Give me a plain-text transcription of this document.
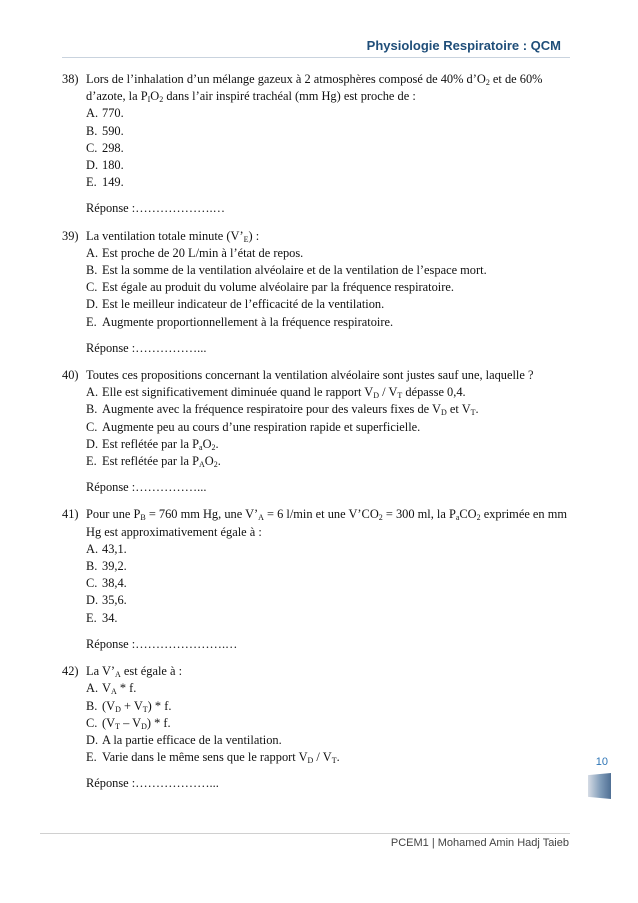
Physiologie Respiratoire : QCM
38) Lors de l’inhalation d’un mélange gazeux à 2 atmosphères composé de 40% $d’O_2$ et de 60% d’azote, la $P_IO_2$ dans l’air inspiré trachéal (mm Hg) est proche de :
A. 770.
B. 590.
C. 298.
D. 180.
E. 149.
Réponse :……………….…
39) La ventilation totale minute $(V’_E)$ :
A. Est proche de 20 L/min à l’état de repos.
B. Est la somme de la ventilation alvéolaire et de la ventilation de l’espace mort.
C. Est égale au produit du volume alvéolaire par la fréquence respiratoire.
D. Est le meilleur indicateur de l’efficacité de la ventilation.
E. Augmente proportionnellement à la fréquence respiratoire.
Réponse :……………...
40) Toutes ces propositions concernant la ventilation alvéolaire sont justes sauf une, laquelle ?
A. Elle est significativement diminuée quand le rapport $V_D / V_T$ dépasse 0,4.
B. Augmente avec la fréquence respiratoire pour des valeurs fixes de $V_D$ et $V_T$.
C. Augmente peu au cours d’une respiration rapide et superficielle.
D. Est reflétée par la $P_aO_2$.
E. Est reflétée par la $P_AO_2$.
Réponse :……………...
41) Pour une $P_B = 760$ mm Hg, une $V’_A = 6$ l/min et une $V’CO_2 = 300$ ml, la $P_aCO_2$ exprimée en mm Hg est approximativement égale à :
A. 43,1.
B. 39,2.
C. 38,4.
D. 35,6.
E. 34.
Réponse :………………….…
42) La $V’_A$ est égale à :
A. $V_A$ * f.
B. $(V_D + V_T) * f$.
C. $(V_T - V_D)$ * f.
D. A la partie efficace de la ventilation.
E. Varie dans le même sens que le rapport $V_D / V_T$.
Réponse :………………...
10
PCEM1 | Mohamed Amin Hadj Taieb
